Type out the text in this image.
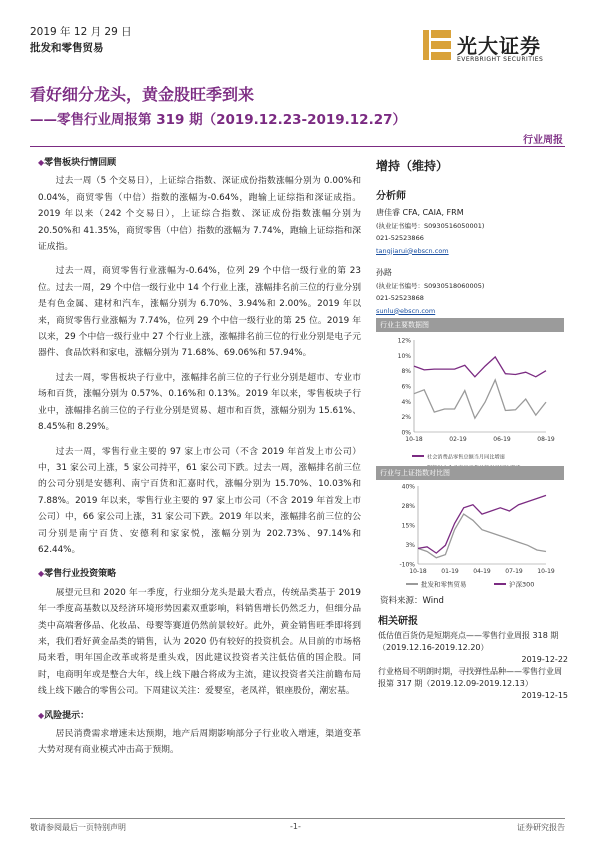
2019 年 12 月 29 日
批发和零售贸易	光大证券
EVERBRIGHT SECURITIES
看好细分龙头，黄金股旺季到来
——零售行业周报第 319 期（2019.12.23-2019.12.27）
行业周报
◆零售板块行情回顾

过去一周（5 个交易日），上证综合指数、深证成份指数涨幅分别为 0.00%和 0.04%，商贸零售（中信）指数的涨幅为-0.64%，跑输上证综指和深证成指。2019 年以来（242 个交易日），上证综合指数、深证成份指数涨幅分别为 20.50%和 41.35%，商贸零售（中信）指数的涨幅为 7.74%，跑输上证综指和深证成指。

过去一周，商贸零售行业涨幅为-0.64%，位列 29 个中信一级行业的第 23 位。过去一周，29 个中信一级行业中 14 个行业上涨，涨幅排名前三位的行业分别是有色金属、建材和汽车，涨幅分别为 6.70%、3.94%和 2.00%。2019 年以来，商贸零售行业涨幅为 7.74%，位列 29 个中信一级行业的第 25 位。2019 年以来，29 个中信一级行业中 27 个行业上涨，涨幅排名前三位的行业分别是电子元器件、食品饮料和家电，涨幅分别为 71.68%、69.06%和 57.94%。

过去一周，零售板块子行业中，涨幅排名前三位的子行业分别是超市、专业市场和百货，涨幅分别为 0.57%、0.16%和 0.13%。2019 年以来，零售板块子行业中，涨幅排名前三位的子行业分别是贸易、超市和百货，涨幅分别为 15.61%、8.45%和 8.29%。

过去一周，零售行业主要的 97 家上市公司（不含 2019 年首发上市公司）中，31 家公司上涨，5 家公司持平，61 家公司下跌。过去一周，涨幅排名前三位的公司分别是安德利、南宁百货和汇嘉时代，涨幅分别为 15.70%、10.03%和 7.88%。2019 年以来，零售行业主要的 97 家上市公司（不含 2019 年首发上市公司）中，66 家公司上涨，31 家公司下跌。2019 年以来，涨幅排名前三位的公司分别是南宁百货、安德利和家家悦，涨幅分别为 202.73%、97.14%和 62.44%。

◆零售行业投资策略

展望元旦和 2020 年一季度，行业细分龙头是最大看点，传统品类基于 2019 年一季度高基数以及经济环境形势因素双重影响，料销售增长仍然乏力，但细分品类中高端奢侈品、化妆品、母婴等赛道仍然前景较好。此外，黄金销售旺季即将到来，我们看好黄金品类的销售，认为 2020 仍有较好的投资机会。从目前的市场格局来看，明年国企改革或将是重头戏，因此建议投资者关注低估值的国企股。同时，电商明年或是整合大年，线上线下融合将成为主流，建议投资者关注前瞻布局线上线下融合的零售公司。下周建议关注：爱婴室，老凤祥，银座股份，潮宏基。

◆风险提示：

居民消费需求增速未达预期，地产后周期影响部分子行业收入增速，渠道变革大势对现有商业模式冲击高于预期。

增持（维持）
分析师
唐佳睿 CFA, CAIA, FRM
(执业证书编号：S0930516050001)
021-52523866
tangjiarui@ebscn.com
孙路
(执业证书编号：S0930518060005)
021-52523868
sunlu@ebscn.com
行业主要数据图
0%
2%
4%
6%
8%
10%
12%
10-18	02-19	06-19	08-19
社会消费品零售总额当月同比增速
行业与上证指数对比图
-10%
3%
15%
28%
40%
10-18 01-19 04-19 07-19 10-19
批发和零售贸易	沪深300
资料来源：Wind
相关研报
低估值百货仍是短期亮点——零售行业周报 318 期（2019.12.16-2019.12.20）
2019-12-22
行业格局不明朗时期，寻找弹性品种——零售行业周报第 317 期（2019.12.09-2019.12.13）
2019-12-15
敬请参阅最后一页特别声明	-1-	证券研究报告
